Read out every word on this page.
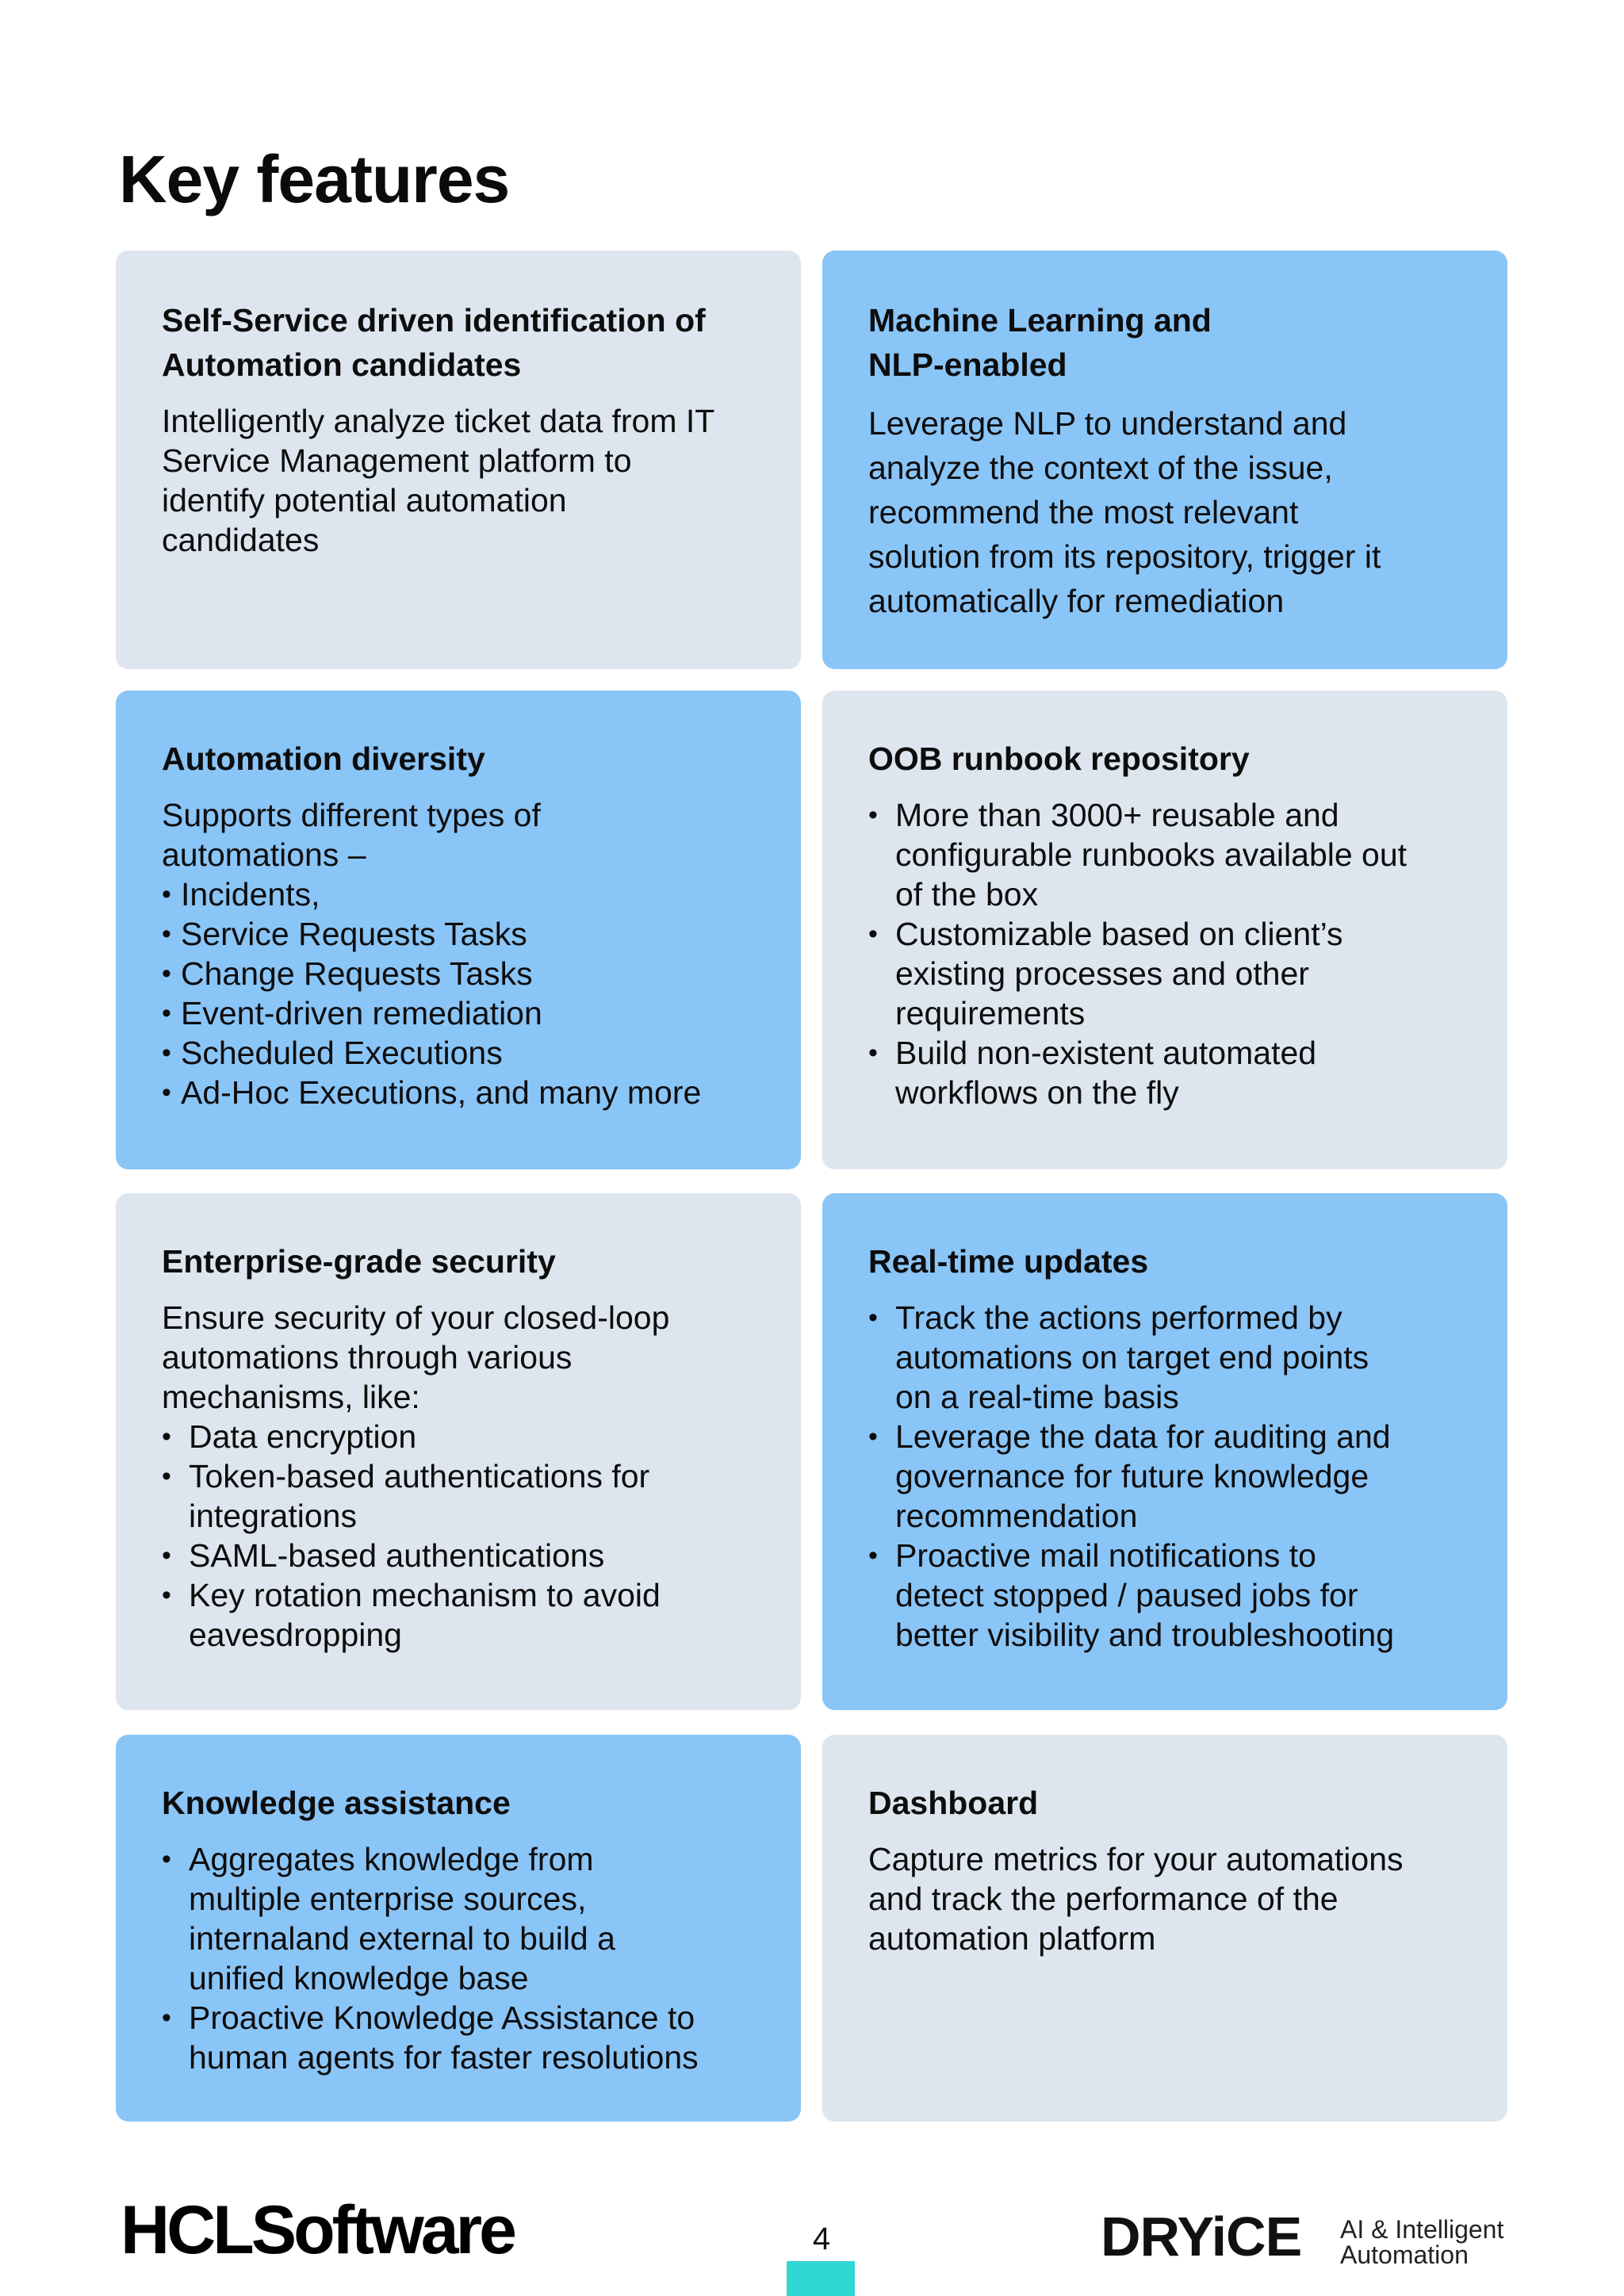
Key features

Self-Service driven identification of
Automation candidates

Intelligently analyze ticket data from IT
Service Management platform to
identify potential automation
candidates

Machine Learning and
NLP-enabled

Leverage NLP to understand and
analyze the context of the issue,
recommend the most relevant
solution from its repository, trigger it
automatically for remediation

Automation diversity

Supports different types of
automations –

• Incidents,
• Service Requests Tasks
• Change Requests Tasks
• Event-driven remediation
• Scheduled Executions
• Ad-Hoc Executions, and many more

OOB runbook repository

• More than 3000+ reusable and
configurable runbooks available out
of the box
• Customizable based on client’s
existing processes and other
requirements
• Build non-existent automated
workflows on the fly

Enterprise-grade security

Ensure security of your closed-loop
automations through various
mechanisms, like:

• Data encryption
• Token-based authentications for
integrations
• SAML-based authentications
• Key rotation mechanism to avoid
eavesdropping

Real-time updates

• Track the actions performed by
automations on target end points
on a real-time basis
• Leverage the data for auditing and
governance for future knowledge
recommendation
• Proactive mail notifications to
detect stopped / paused jobs for
better visibility and troubleshooting

Knowledge assistance

• Aggregates knowledge from
multiple enterprise sources,
internaland external to build a
unified knowledge base
• Proactive Knowledge Assistance to
human agents for faster resolutions

Dashboard

Capture metrics for your automations
and track the performance of the
automation platform

HCLSoftware	4	DRYiCE AI & Intelligent
Automation
